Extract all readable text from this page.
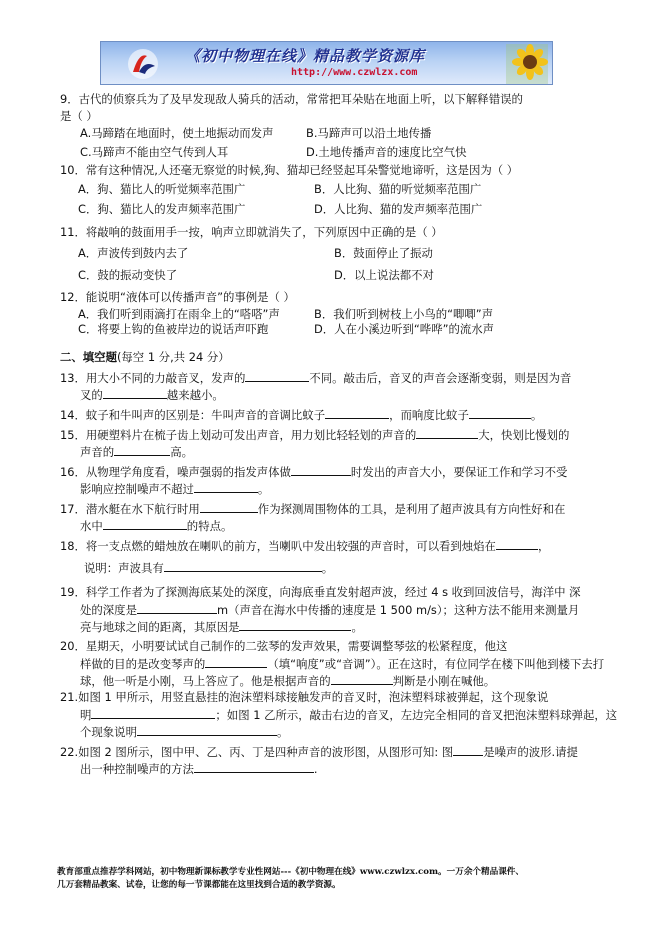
《初中物理在线》精品教学资源库
http://www.czwlzx.com
9．古代的侦察兵为了及早发现敌人骑兵的活动，常常把耳朵贴在地面上听，以下解释错误的
是（ ）
A.马蹄踏在地面时，使土地振动而发声	B.马蹄声可以沿土地传播
C.马蹄声不能由空气传到人耳	D.土地传播声音的速度比空气快
10．常有这种情况,人还毫无察觉的时候,狗、猫却已经竖起耳朵警觉地谛听，这是因为（ ）
A．狗、猫比人的听觉频率范围广	B．人比狗、猫的听觉频率范围广
C．狗、猫比人的发声频率范围广	D．人比狗、猫的发声频率范围广
11．将敲响的鼓面用手一按，响声立即就消失了，下列原因中正确的是（ ）
A．声波传到鼓内去了	B．鼓面停止了振动
C．鼓的振动变快了	D．以上说法都不对
12．能说明“液体可以传播声音”的事例是（ ）
A．我们听到雨滴打在雨伞上的“嗒嗒”声	B．我们听到树枝上小鸟的“唧唧”声
C．将要上钩的鱼被岸边的说话声吓跑	D．人在小溪边听到“哗哗”的流水声
二、填空题(每空 1 分,共 24 分）
13．用大小不同的力敲音叉，发声的	不同。敲击后，音叉的声音会逐渐变弱，则是因为音
叉的	越来越小。
14．蚊子和牛叫声的区别是：牛叫声音的音调比蚊子	，而响度比蚊子	。
15．用硬塑料片在梳子齿上划动可发出声音，用力划比轻轻划的声音的	大，快划比慢划的
声音的	高。
16．从物理学角度看，噪声强弱的指发声体做	时发出的声音大小，要保证工作和学习不受
影响应控制噪声不超过	。
17．潜水艇在水下航行时用	作为探测周围物体的工具，是利用了超声波具有方向性好和在
水中	的特点。
18．将一支点燃的蜡烛放在喇叭的前方，当喇叭中发出较强的声音时，可以看到烛焰在	，
说明：声波具有	。
19．科学工作者为了探测海底某处的深度，向海底垂直发射超声波，经过 4 s 收到回波信号，海洋中 深
处的深度是	m（声音在海水中传播的速度是 1 500 m/s）；这种方法不能用来测量月
亮与地球之间的距离，其原因是	。
20．星期天，小明要试试自己制作的二弦琴的发声效果，需要调整琴弦的松紧程度，他这
样做的目的是改变琴声的	（填“响度”或“音调”）。正在这时，有位同学在楼下叫他到楼下去打
球，他一听是小刚，马上答应了。他是根据声音的	判断是小刚在喊他。
21.如图 1 甲所示，用竖直悬挂的泡沫塑料球接触发声的音叉时，泡沫塑料球被弹起，这个现象说
明	；如图 1 乙所示，敲击右边的音叉，左边完全相同的音叉把泡沫塑料球弹起，这
个现象说明	。
22.如图 2 图所示，图中甲、乙、丙、丁是四种声音的波形图，从图形可知: 图	是噪声的波形.请提
出一种控制噪声的方法	.
教育部重点推荐学科网站，初中物理新课标教学专业性网站---《初中物理在线》www.czwlzx.com。一万余个精品课件、
几万套精品教案、试卷，让您的每一节课都能在这里找到合适的教学资源。
